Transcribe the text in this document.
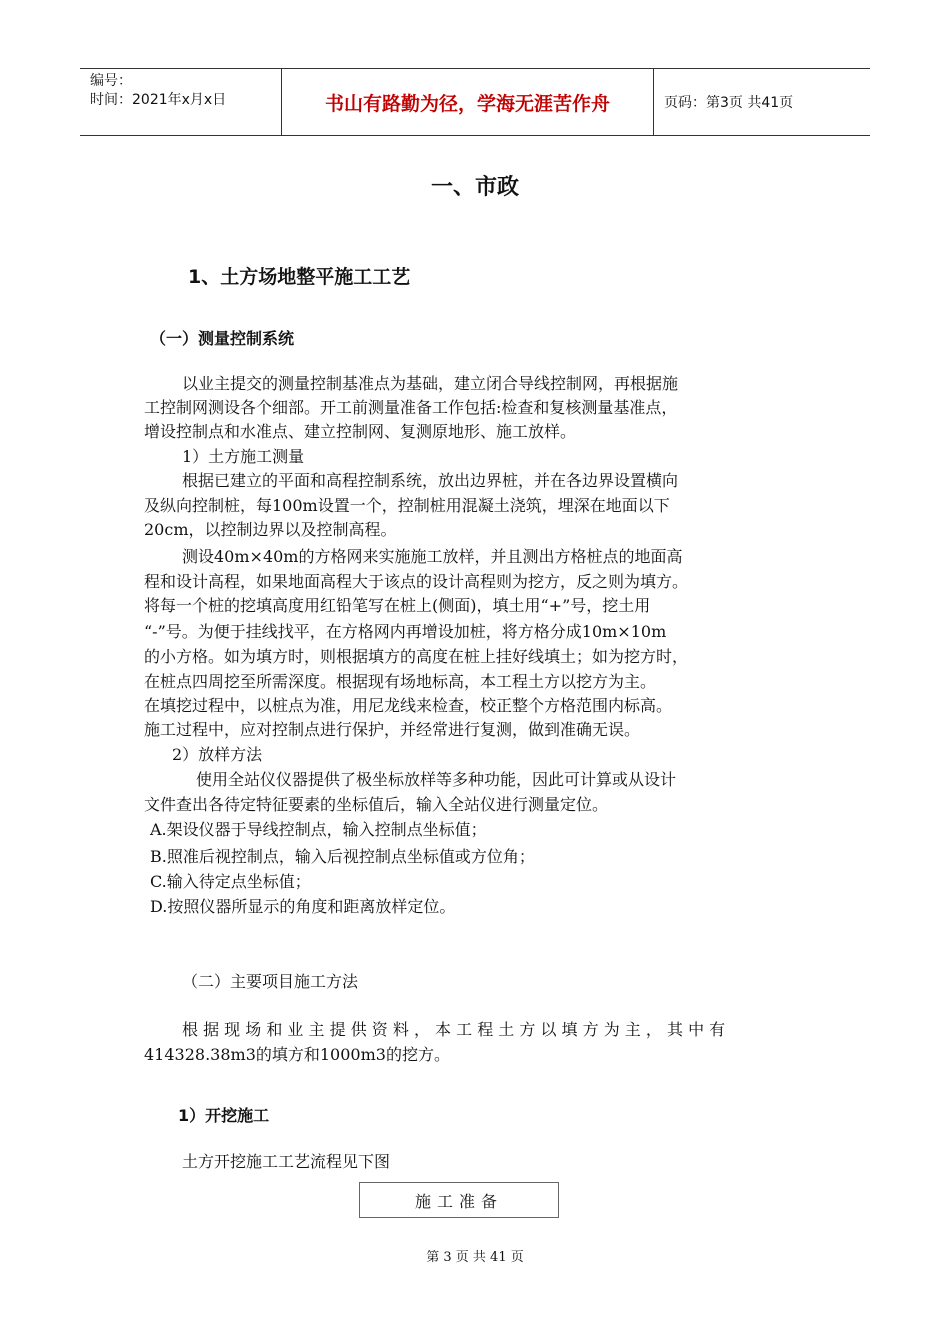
编号：
时间：2021年x月x日	书山有路勤为径，学海无涯苦作舟	页码：第3页 共41页
一、市政
1、土方场地整平施工工艺
（一）测量控制系统
以业主提交的测量控制基准点为基础，建立闭合导线控制网，再根据施
工控制网测设各个细部。开工前测量准备工作包括:检查和复核测量基准点，
增设控制点和水准点、建立控制网、复测原地形、施工放样。
1）土方施工测量
根据已建立的平面和高程控制系统，放出边界桩，并在各边界设置横向
及纵向控制桩，每100m设置一个，控制桩用混凝土浇筑，埋深在地面以下
20cm，以控制边界以及控制高程。
测设40m×40m的方格网来实施施工放样，并且测出方格桩点的地面高
程和设计高程，如果地面高程大于该点的设计高程则为挖方，反之则为填方。
将每一个桩的挖填高度用红铅笔写在桩上(侧面)，填土用“+”号，挖土用
“-”号。为便于挂线找平，在方格网内再增设加桩，将方格分成10m×10m
的小方格。如为填方时，则根据填方的高度在桩上挂好线填土；如为挖方时，
在桩点四周挖至所需深度。根据现有场地标高，本工程土方以挖方为主。
在填挖过程中，以桩点为准，用尼龙线来检查，校正整个方格范围内标高。
施工过程中，应对控制点进行保护，并经常进行复测，做到准确无误。
2）放样方法
使用全站仪仪器提供了极坐标放样等多种功能，因此可计算或从设计
文件查出各待定特征要素的坐标值后，输入全站仪进行测量定位。
A.架设仪器于导线控制点，输入控制点坐标值；
B.照准后视控制点，输入后视控制点坐标值或方位角；
C.输入待定点坐标值；
D.按照仪器所显示的角度和距离放样定位。
（二）主要项目施工方法
根 据 现 场 和 业 主 提 供 资 料 ， 本 工 程 土 方 以 填 方 为 主 ， 其 中 有
414328.38m3的填方和1000m3的挖方。
1）开挖施工
土方开挖施工工艺流程见下图
施工准备
第 3 页 共 41 页
